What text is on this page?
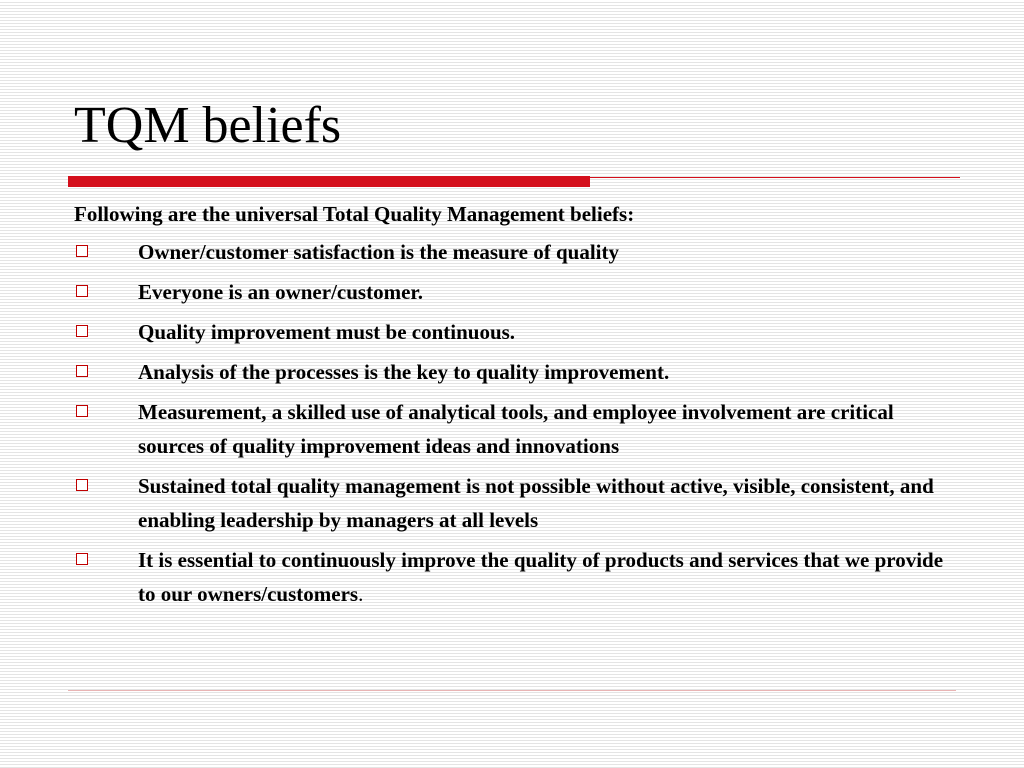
TQM beliefs

Following are the universal Total Quality Management beliefs:

Owner/customer satisfaction is the measure of quality
Everyone is an owner/customer.
Quality improvement must be continuous.
Analysis of the processes is the key to quality improvement.
Measurement, a skilled use of analytical tools, and employee involvement are critical sources of quality improvement ideas and innovations
Sustained total quality management is not possible without active, visible, consistent, and enabling leadership by managers at all levels
It is essential to continuously improve the quality of products and services that we provide to our owners/customers.
